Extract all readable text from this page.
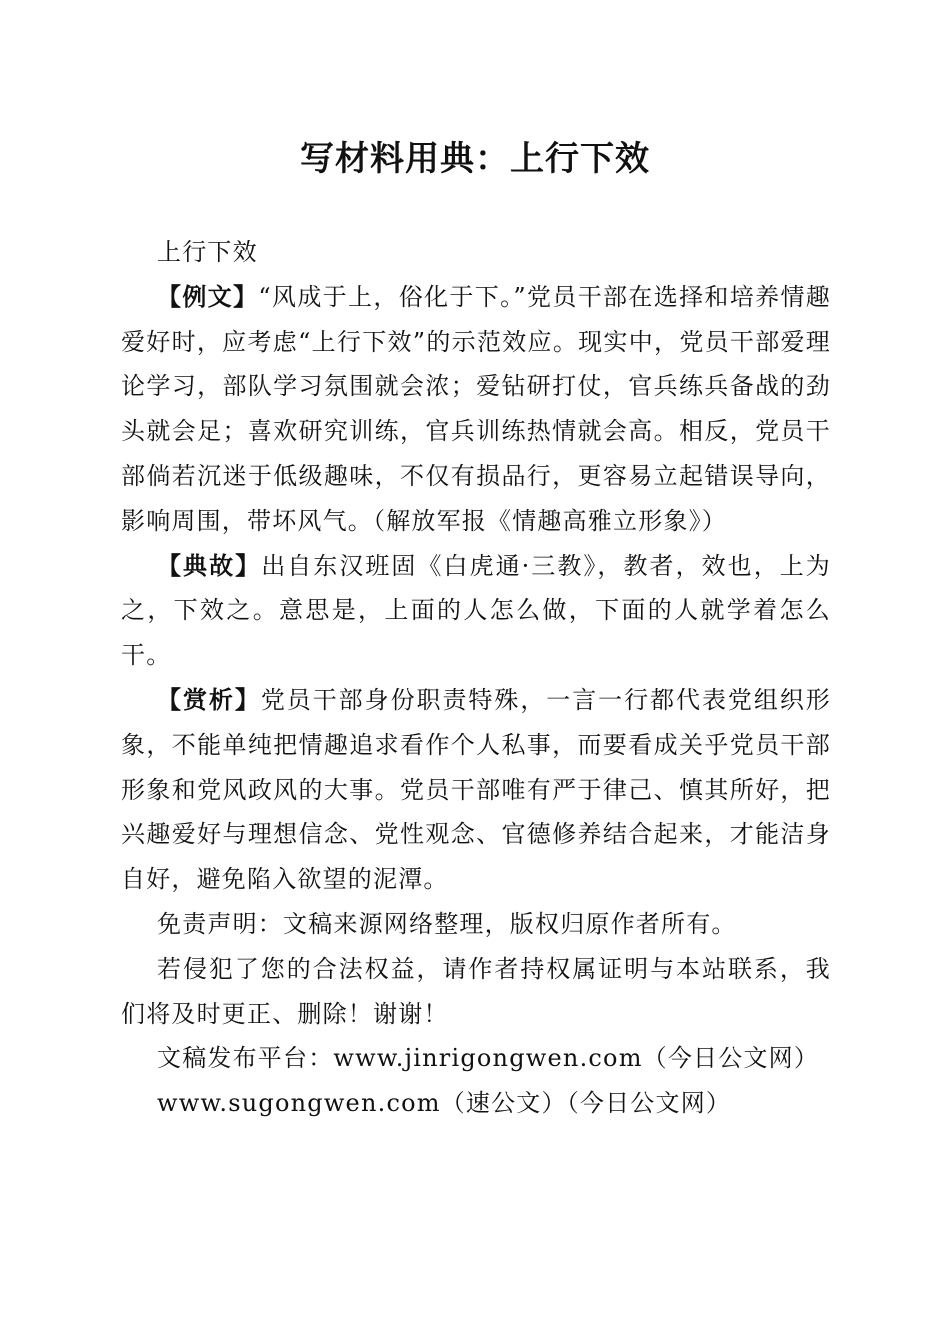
写材料用典：上行下效

上行下效

【例文】“风成于上，俗化于下。”党员干部在选择和培养情趣爱好时，应考虑“上行下效”的示范效应。现实中，党员干部爱理论学习，部队学习氛围就会浓；爱钻研打仗，官兵练兵备战的劲头就会足；喜欢研究训练，官兵训练热情就会高。相反，党员干部倘若沉迷于低级趣味，不仅有损品行，更容易立起错误导向，影响周围，带坏风气。（解放军报《情趣高雅立形象》）

【典故】出自东汉班固《白虎通·三教》，教者，效也，上为之，下效之。意思是，上面的人怎么做，下面的人就学着怎么干。

【赏析】党员干部身份职责特殊，一言一行都代表党组织形象，不能单纯把情趣追求看作个人私事，而要看成关乎党员干部形象和党风政风的大事。党员干部唯有严于律己、慎其所好，把兴趣爱好与理想信念、党性观念、官德修养结合起来，才能洁身自好，避免陷入欲望的泥潭。

免责声明：文稿来源网络整理，版权归原作者所有。

若侵犯了您的合法权益，请作者持权属证明与本站联系，我们将及时更正、删除！谢谢！

文稿发布平台：www.jinrigongwen.com（今日公文网）

www.sugongwen.com（速公文）（今日公文网）
